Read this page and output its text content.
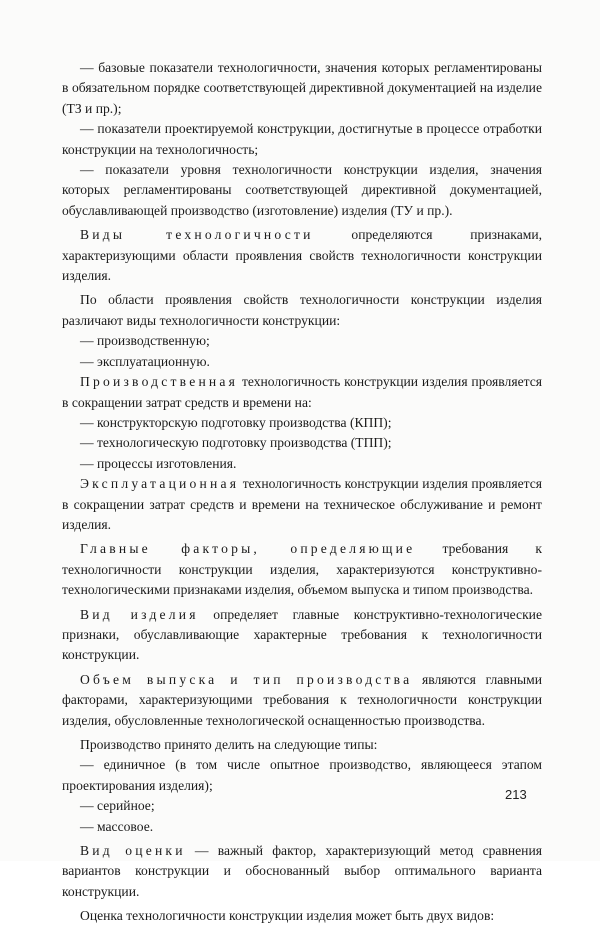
— базовые показатели технологичности, значения которых регламентированы в обязательном порядке соответствующей директивной документацией на изделие (ТЗ и пр.);

— показатели проектируемой конструкции, достигнутые в процессе отработки конструкции на технологичность;

— показатели уровня технологичности конструкции изделия, значения которых регламентированы соответствующей директивной документацией, обуславливающей производство (изготовление) изделия (ТУ и пр.).

Виды технологичности определяются признаками, характеризующими области проявления свойств технологичности конструкции изделия.

По области проявления свойств технологичности конструкции изделия различают виды технологичности конструкции:

— производственную;

— эксплуатационную.

Производственная технологичность конструкции изделия проявляется в сокращении затрат средств и времени на:

— конструкторскую подготовку производства (КПП);

— технологическую подготовку производства (ТПП);

— процессы изготовления.

Эксплуатационная технологичность конструкции изделия проявляется в сокращении затрат средств и времени на техническое обслуживание и ремонт изделия.

Главные факторы, определяющие требования к технологичности конструкции изделия, характеризуются конструктивно-технологическими признаками изделия, объемом выпуска и типом производства.

Вид изделия определяет главные конструктивно-технологические признаки, обуславливающие характерные требования к технологичности конструкции.

Объем выпуска и тип производства являются главными факторами, характеризующими требования к технологичности конструкции изделия, обусловленные технологической оснащенностью производства.

Производство принято делить на следующие типы:

— единичное (в том числе опытное производство, являющееся этапом проектирования изделия);

— серийное;

— массовое.

Вид оценки — важный фактор, характеризующий метод сравнения вариантов конструкции и обоснованный выбор оптимального варианта конструкции.

Оценка технологичности конструкции изделия может быть двух видов:

213
